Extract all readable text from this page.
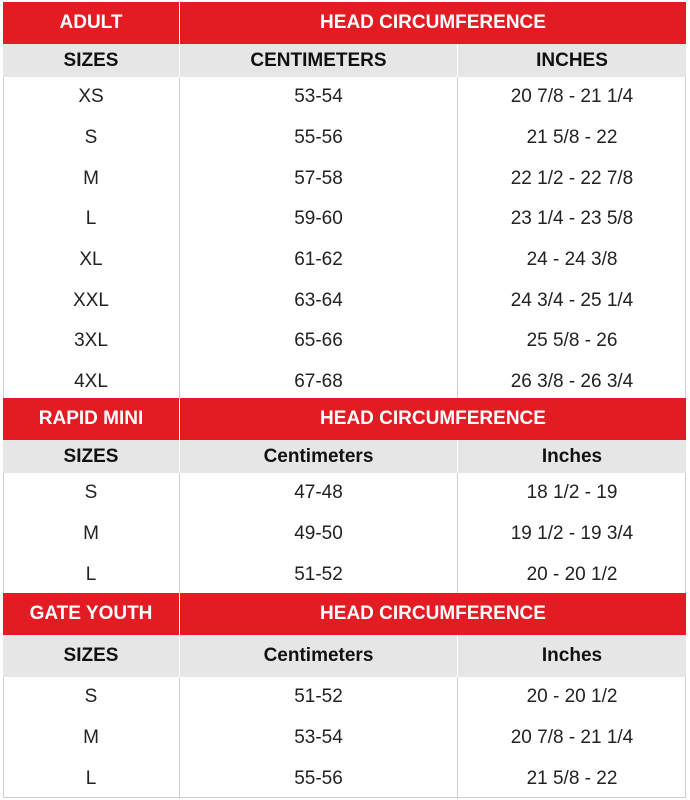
ADULT	HEAD CIRCUMFERENCE
SIZES	CENTIMETERS	INCHES
XS	53-54	20 7/8 - 21 1/4
S	55-56	21 5/8 - 22
M	57-58	22 1/2 - 22 7/8
L	59-60	23 1/4 - 23 5/8
XL	61-62	24 - 24 3/8
XXL	63-64	24 3/4 - 25 1/4
3XL	65-66	25 5/8 - 26
4XL	67-68	26 3/8 - 26 3/4
RAPID MINI	HEAD CIRCUMFERENCE
SIZES	Centimeters	Inches
S	47-48	18 1/2 - 19
M	49-50	19 1/2 - 19 3/4
L	51-52	20 - 20 1/2
GATE YOUTH	HEAD CIRCUMFERENCE
SIZES	Centimeters	Inches
S	51-52	20 - 20 1/2
M	53-54	20 7/8 - 21 1/4
L	55-56	21 5/8 - 22
